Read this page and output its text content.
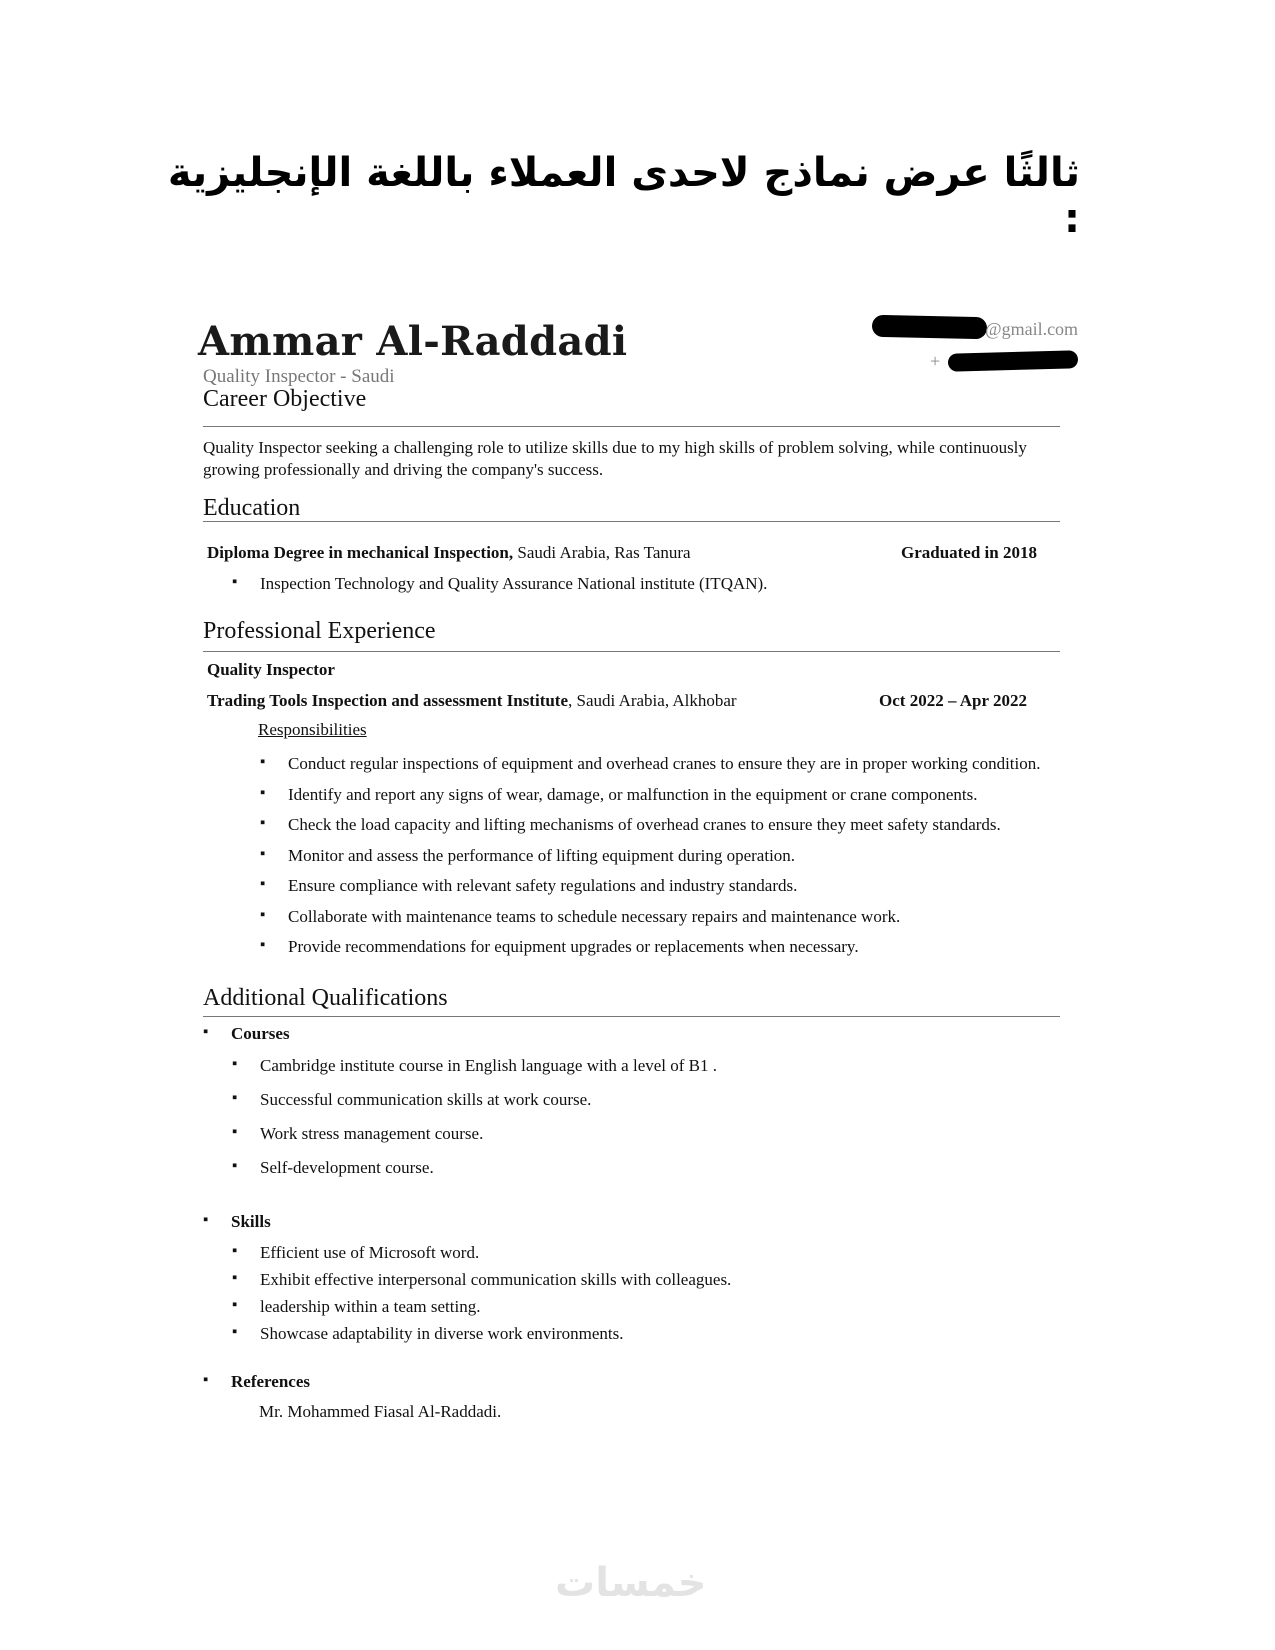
ثالثًا عرض نماذج لاحدى العملاء باللغة الإنجليزية :
Ammar Al-Raddadi
Quality Inspector - Saudi
@gmail.com
+
Career Objective
Quality Inspector seeking a challenging role to utilize skills due to my high skills of problem solving, while continuously growing professionally and driving the company's success.
Education
Diploma Degree in mechanical Inspection, Saudi Arabia, Ras Tanura	Graduated in 2018
▪ Inspection Technology and Quality Assurance National institute (ITQAN).
Professional Experience
Quality Inspector
Trading Tools Inspection and assessment Institute, Saudi Arabia, Alkhobar	Oct 2022 – Apr 2022
Responsibilities
▪ Conduct regular inspections of equipment and overhead cranes to ensure they are in proper working condition.
▪ Identify and report any signs of wear, damage, or malfunction in the equipment or crane components.
▪ Check the load capacity and lifting mechanisms of overhead cranes to ensure they meet safety standards.
▪ Monitor and assess the performance of lifting equipment during operation.
▪ Ensure compliance with relevant safety regulations and industry standards.
▪ Collaborate with maintenance teams to schedule necessary repairs and maintenance work.
▪ Provide recommendations for equipment upgrades or replacements when necessary.
Additional Qualifications
▪ Courses
▪ Cambridge institute course in English language with a level of B1 .
▪ Successful communication skills at work course.
▪ Work stress management course.
▪ Self-development course.
▪ Skills
▪ Efficient use of Microsoft word.
▪ Exhibit effective interpersonal communication skills with colleagues.
▪ leadership within a team setting.
▪ Showcase adaptability in diverse work environments.
▪ References
Mr. Mohammed Fiasal Al-Raddadi.
خمسات
